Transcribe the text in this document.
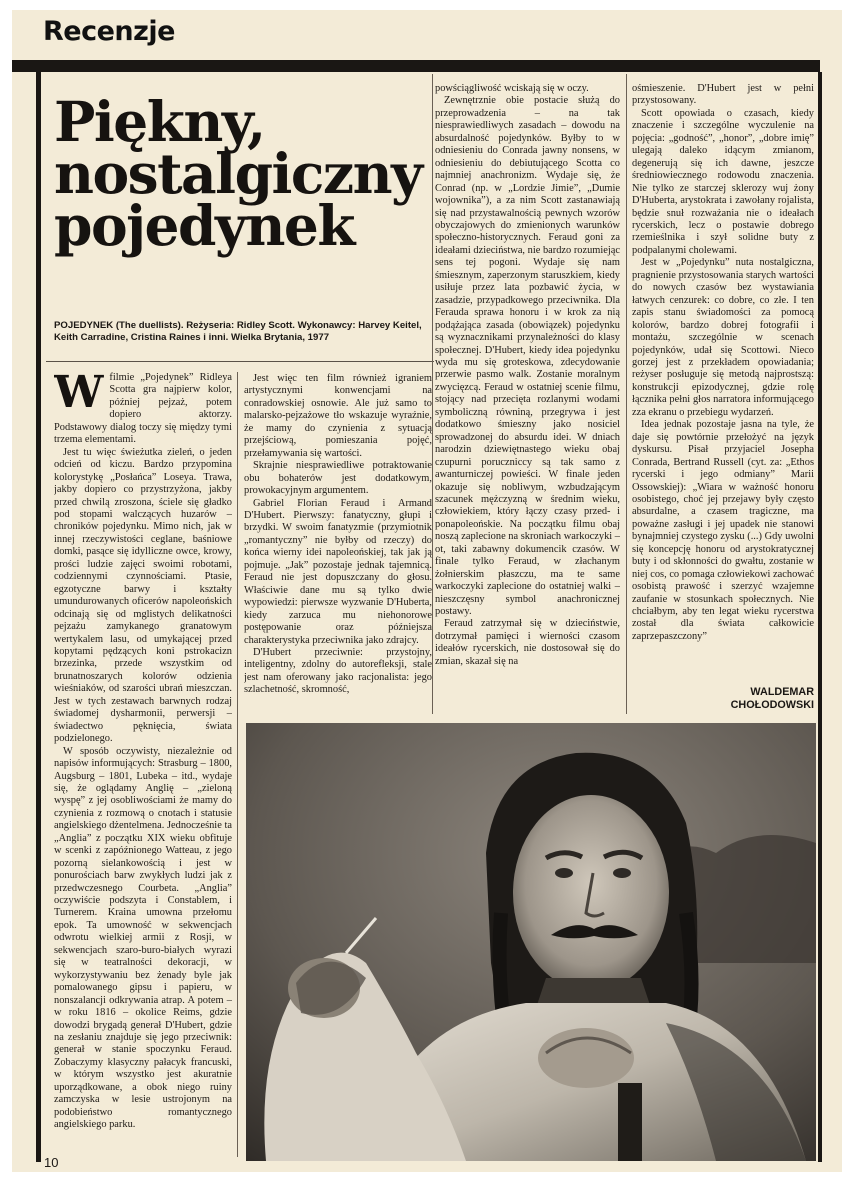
Recenzje
Piękny,
nostalgiczny
pojedynek
POJEDYNEK (The duellists). Reżyseria: Ridley Scott. Wykonawcy: Harvey Keitel, Keith Carradine, Cristina Raines i inni. Wielka Brytania, 1977

W filmie „Pojedynek” Ridleya Scotta gra najpierw kolor, później pejzaż, potem dopiero aktorzy. Podstawowy dialog toczy się między tymi trzema elementami.

Jest tu więc świeżutka zieleń, o jeden odcień od kiczu. Bardzo przypomina kolorystykę „Posłańca” Loseya. Trawa, jakby dopiero co przystrzyżona, jakby przed chwilą zroszona, ściele się gładko pod stopami walczących huzarów – chroników pojedynku. Mimo nich, jak w innej rzeczywistości ceglane, baśniowe domki, pasące się idylliczne owce, krowy, prości ludzie zajęci swoimi robotami, codziennymi czynnościami. Ptasie, egzotyczne barwy i kształty umundurowanych oficerów napoleońskich odcinają się od mglistych delikatności pejzażu zamykanego granatowym wertykalem lasu, od umykającej przed kopytami pędzących koni pstrokacizn brzezinka, przede wszystkim od brunatnoszarych kolorów odzienia wieśniaków, od szarości ubrań mieszczan. Jest w tych zestawach barwnych rodzaj świadomej dysharmonii, perwersji – świadectwo pęknięcia, świata podzielonego.

W sposób oczywisty, niezależnie od napisów informujących: Strasburg – 1800, Augsburg – 1801, Lubeka – itd., wydaje się, że oglądamy Anglię – „zieloną wyspę” z jej osobliwościami że mamy do czynienia z rozmową o cnotach i statusie angielskiego dżentelmena. Jednocześnie ta „Anglia” z początku XIX wieku obfituje w scenki z zapóźnionego Watteau, z jego pozorną sielankowością i jest w ponurościach barw zwykłych ludzi jak z przedwczesnego Courbeta. „Anglia” oczywiście podszyta i Constablem, i Turnerem. Kraina umowna przełomu epok. Ta umowność w sekwencjach odwrotu wielkiej armii z Rosji, w sekwencjach szaro-buro-białych wyrazi się w teatralności dekoracji, w wykorzystywaniu bez żenady byle jak pomalowanego gipsu i papieru, w nonszalancji odkrywania atrap. A potem – w roku 1816 – okolice Reims, gdzie dowodzi brygadą generał D'Hubert, gdzie na zesłaniu znajduje się jego przeciwnik: generał w stanie spoczynku Feraud. Zobaczymy klasyczny pałacyk francuski, w którym wszystko jest akuratnie uporządkowane, a obok niego ruiny zamczyska w lesie ustrojonym na podobieństwo romantycznego angielskiego parku.

Jest więc ten film również igraniem artystycznymi konwencjami na conradowskiej osnowie. Ale już samo to malarsko-pejzażowe tło wskazuje wyraźnie, że mamy do czynienia z sytuacją przejściową, pomieszania pojęć, przełamywania się wartości.

Skrajnie niesprawiedliwe potraktowanie obu bohaterów jest dodatkowym, prowokacyjnym argumentem.

Gabriel Florian Feraud i Armand D'Hubert. Pierwszy: fanatyczny, głupi i brzydki. W swoim fanatyzmie (przymiotnik „romantyczny” nie byłby od rzeczy) do końca wierny idei napoleońskiej, tak jak ją pojmuje. „Jak” pozostaje jednak tajemnicą. Feraud nie jest dopuszczany do głosu. Właściwie dane mu są tylko dwie wypowiedzi: pierwsze wyzwanie D'Huberta, kiedy zarzuca mu niehonorowe postępowanie oraz późniejsza charakterystyka przeciwnika jako zdrajcy.

D'Hubert przeciwnie: przystojny, inteligentny, zdolny do autorefleksji, stale jest nam oferowany jako racjonalista: jego szlachetność, skromność,

powściągliwość wciskają się w oczy.

Zewnętrznie obie postacie służą do przeprowadzenia – na tak niesprawiedliwych zasadach – dowodu na absurdalność pojedynków. Byłby to w odniesieniu do Conrada jawny nonsens, w odniesieniu do debiutującego Scotta co najmniej anachronizm. Wydaje się, że Conrad (np. w „Lordzie Jimie”, „Dumie wojownika”), a za nim Scott zastanawiają się nad przystawalnością pewnych wzorów obyczajowych do zmienionych warunków społeczno-historycznych. Feraud goni za ideałami dzieciństwa, nie bardzo rozumiejąc sens tej pogoni. Wydaje się nam śmiesznym, zaperzonym staruszkiem, kiedy usiłuje przez lata pozbawić życia, w zasadzie, przypadkowego przeciwnika. Dla Ferauda sprawa honoru i w krok za nią podążająca zasada (obowiązek) pojedynku są wyznacznikami przynależności do klasy społecznej. D'Hubert, kiedy idea pojedynku wyda mu się groteskowa, zdecydowanie przerwie pasmo walk. Zostanie moralnym zwycięzcą. Feraud w ostatniej scenie filmu, stojący nad przecięta rozlanymi wodami symboliczną równiną, przegrywa i jest dodatkowo śmieszny jako nosiciel sprowadzonej do absurdu idei. W dniach narodzin dziewiętnastego wieku obaj czupurni poruczniccy są tak samo z awanturniczej powieści. W finale jeden okazuje się nobliwym, wzbudzającym szacunek mężczyzną w średnim wieku, człowiekiem, który łączy czasy przed- i ponapoleońskie. Na początku filmu obaj noszą zaplecione na skroniach warkoczyki – ot, taki zabawny dokumencik czasów. W finale tylko Feraud, w złachanym żołnierskim płaszczu, ma te same warkoczyki zaplecione do ostatniej walki – nieszczęsny symbol anachronicznej postawy.

Feraud zatrzymał się w dzieciństwie, dotrzymał pamięci i wierności czasom ideałów rycerskich, nie dostosował się do zmian, skazał się na

ośmieszenie. D'Hubert jest w pełni przystosowany.

Scott opowiada o czasach, kiedy znaczenie i szczególne wyczulenie na pojęcia: „godność”, „honor”, „dobre imię” ulegają daleko idącym zmianom, degenerują się ich dawne, jeszcze średniowiecznego rodowodu znaczenia. Nie tylko ze starczej sklerozy wuj żony D'Huberta, arystokrata i zawołany rojalista, będzie snuł rozważania nie o ideałach rycerskich, lecz o postawie dobrego rzemieślnika i szył solidne buty z podpalanymi cholewami.

Jest w „Pojedynku” nuta nostalgiczna, pragnienie przystosowania starych wartości do nowych czasów bez wystawiania łatwych cenzurek: co dobre, co złe. I ten zapis stanu świadomości za pomocą kolorów, bardzo dobrej fotografii i montażu, szczególnie w scenach pojedynków, udał się Scottowi. Nieco gorzej jest z przekładem opowiadania; reżyser posługuje się metodą najprostszą: konstrukcji epizodycznej, gdzie rolę łącznika pełni głos narratora informującego zza ekranu o przebiegu wydarzeń.

Idea jednak pozostaje jasna na tyle, że daje się powtórnie przełożyć na język dyskursu. Pisał przyjaciel Josepha Conrada, Bertrand Russell (cyt. za: „Ethos rycerski i jego odmiany” Marii Ossowskiej): „Wiara w ważność honoru osobistego, choć jej przejawy były często absurdalne, a czasem tragiczne, ma poważne zasługi i jej upadek nie stanowi bynajmniej czystego zysku (...) Gdy uwolni się koncepcję honoru od arystokratycznej buty i od skłonności do gwałtu, zostanie w niej cos, co pomaga człowiekowi zachować osobistą prawość i szerzyć wzajemne zaufanie w stosunkach społecznych. Nie chciałbym, aby ten legat wieku rycerstwa został dla świata całkowicie zaprzepaszczony”

WALDEMAR
CHOŁODOWSKI
10
